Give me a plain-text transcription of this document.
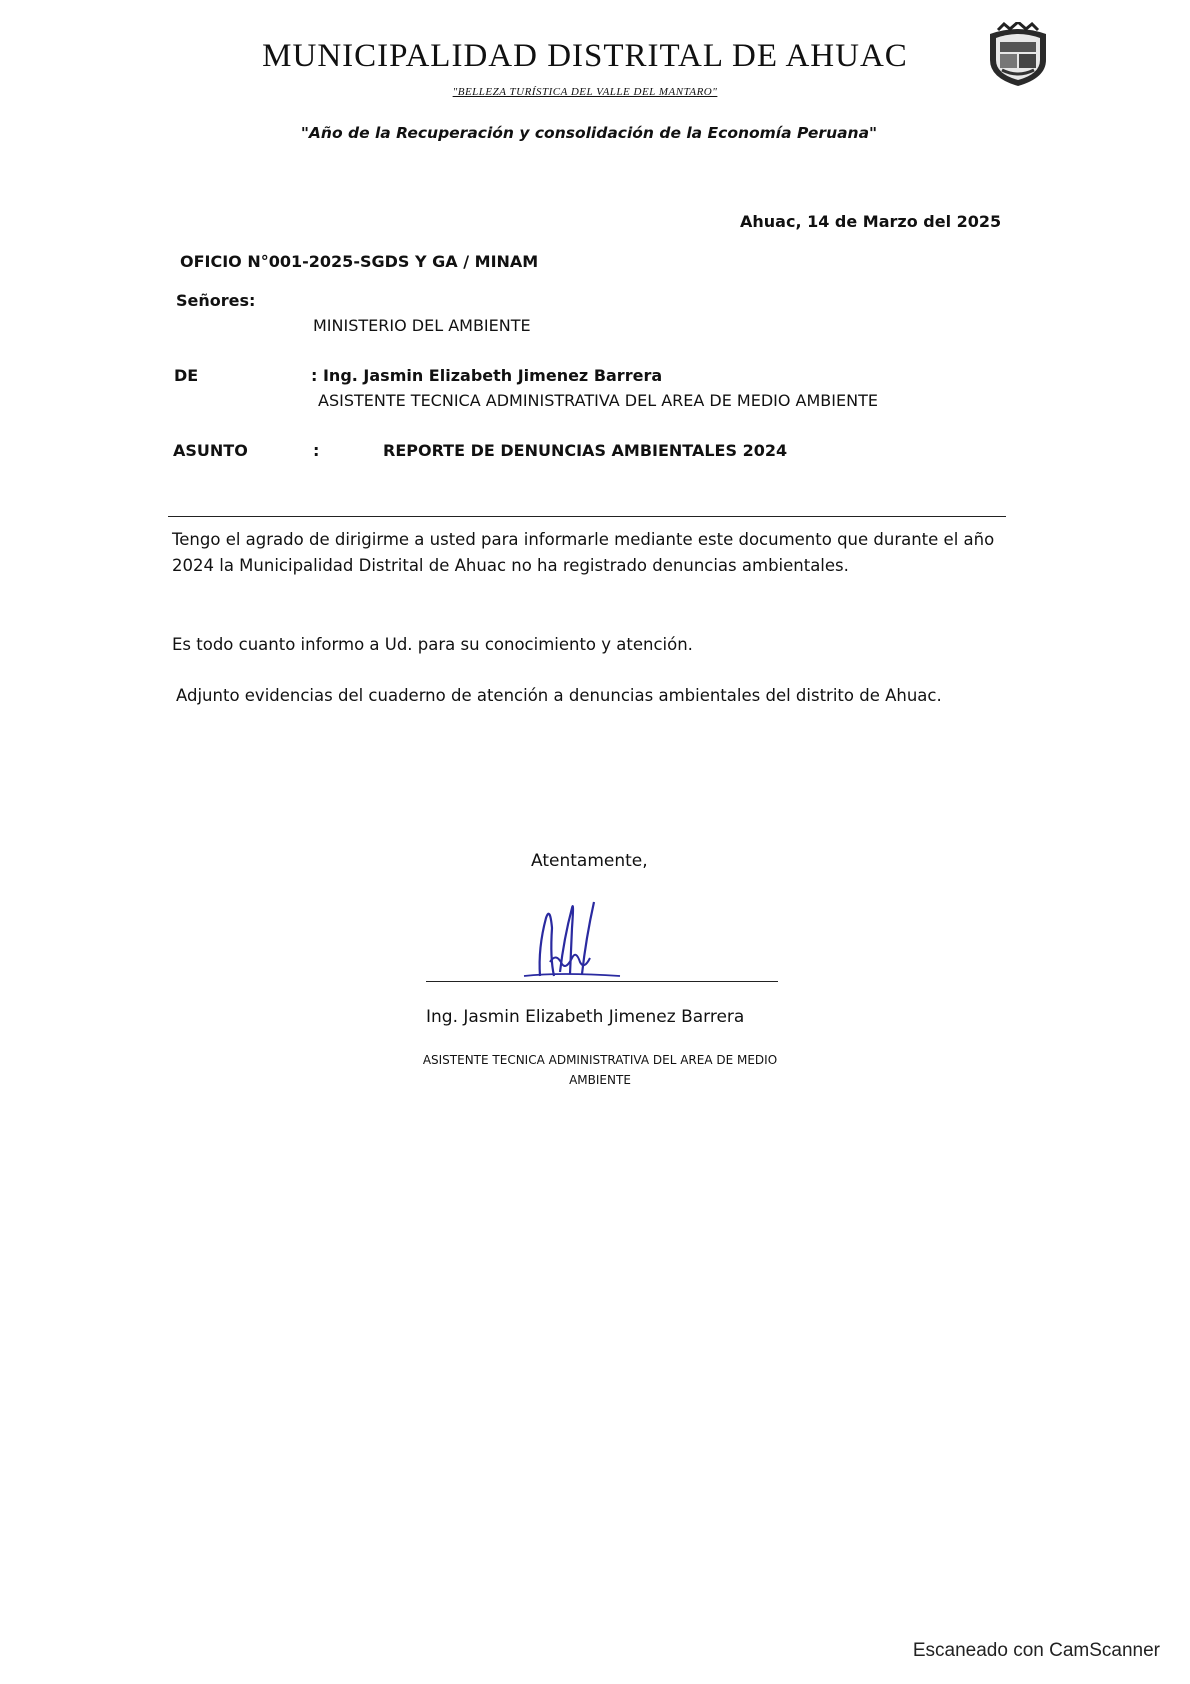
MUNICIPALIDAD DISTRITAL DE AHUAC
"BELLEZA TURÍSTICA DEL VALLE DEL MANTARO"
"Año de la Recuperación y consolidación de la Economía Peruana"
Ahuac, 14 de Marzo del 2025
OFICIO N°001-2025-SGDS Y GA / MINAM
Señores:
MINISTERIO DEL AMBIENTE
DE	: Ing. Jasmin Elizabeth Jimenez Barrera
ASISTENTE TECNICA ADMINISTRATIVA DEL AREA DE MEDIO AMBIENTE
ASUNTO	:	REPORTE DE DENUNCIAS AMBIENTALES 2024
Tengo el agrado de dirigirme a usted para informarle mediante este documento que durante el año 2024 la Municipalidad Distrital de Ahuac no ha registrado denuncias ambientales.
Es todo cuanto informo a Ud. para su conocimiento y atención.
Adjunto evidencias del cuaderno de atención a denuncias ambientales del distrito de Ahuac.
Atentamente,
Ing. Jasmin Elizabeth Jimenez Barrera
ASISTENTE TECNICA ADMINISTRATIVA DEL AREA DE MEDIO AMBIENTE
Escaneado con CamScanner
